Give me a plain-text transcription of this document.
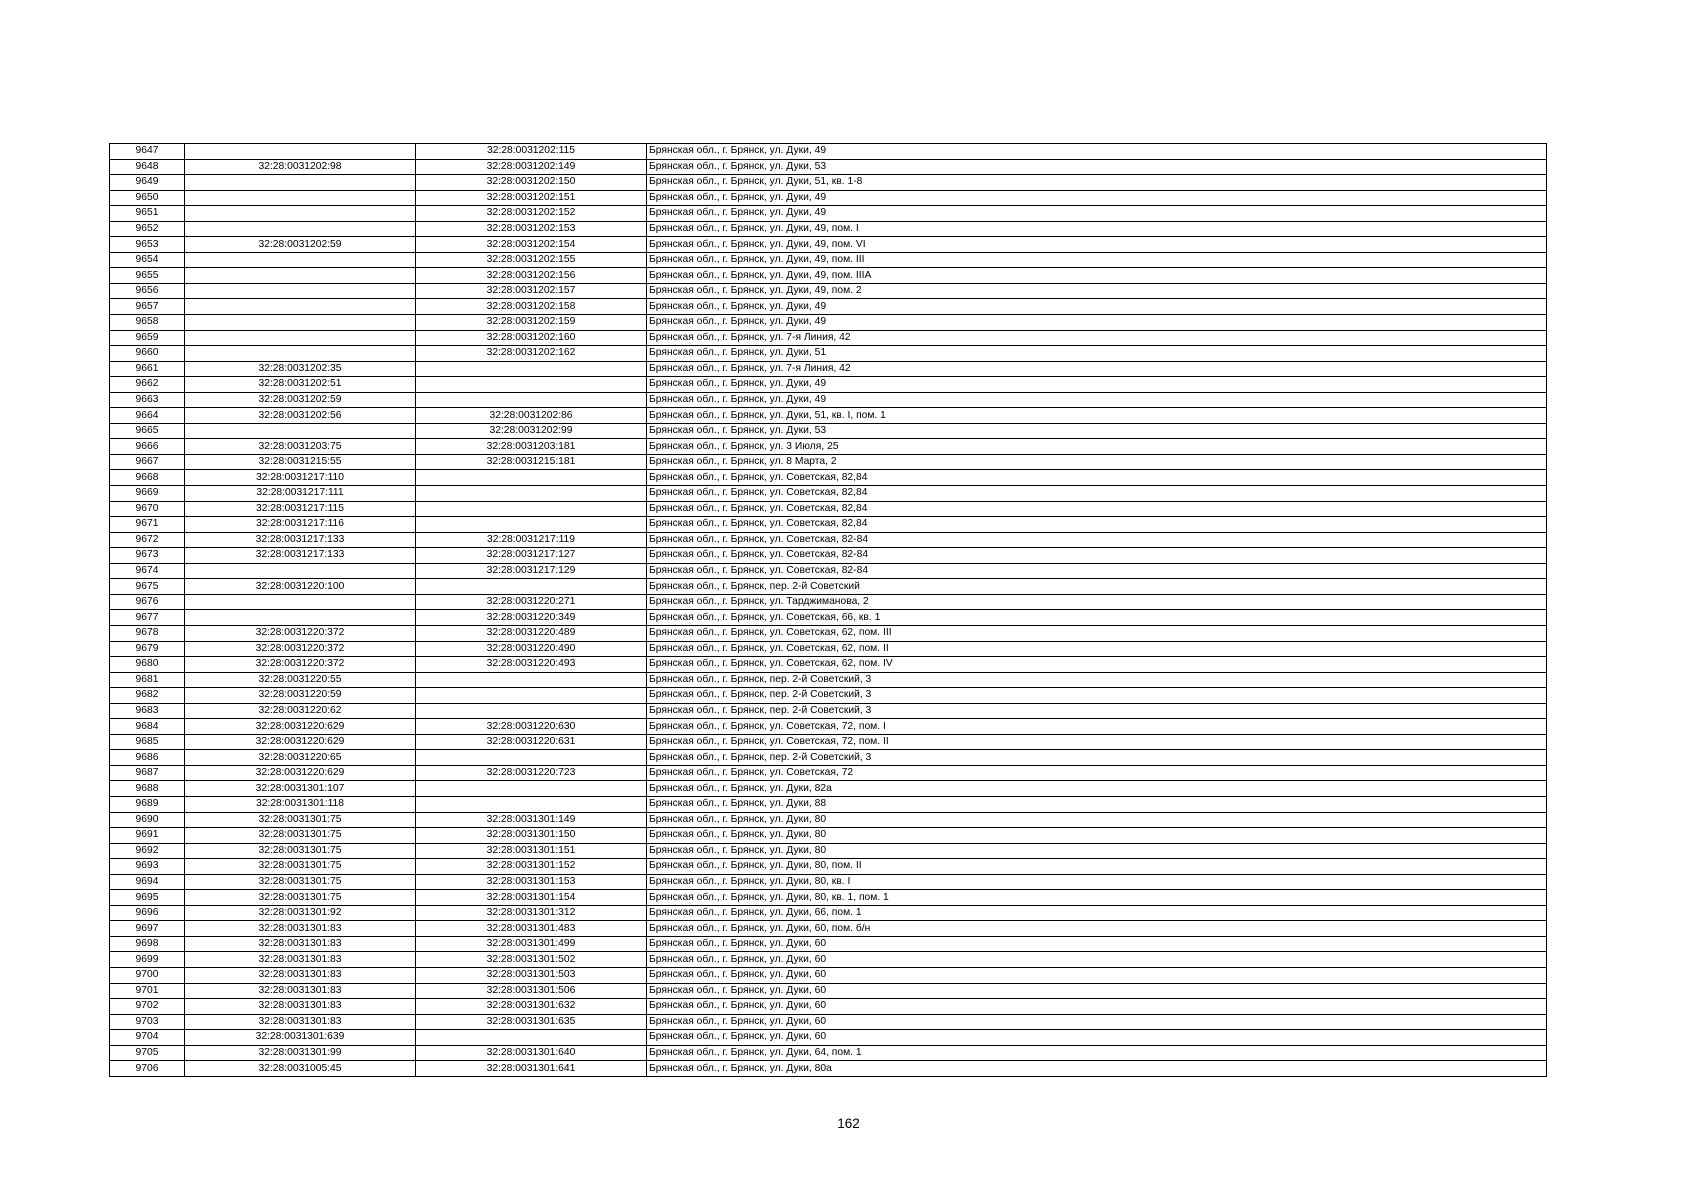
9647		32:28:0031202:115	Брянская обл., г. Брянск, ул. Дуки, 49
9648	32:28:0031202:98	32:28:0031202:149	Брянская обл., г. Брянск, ул. Дуки, 53
9649		32:28:0031202:150	Брянская обл., г. Брянск, ул. Дуки, 51, кв. 1-8
9650		32:28:0031202:151	Брянская обл., г. Брянск, ул. Дуки, 49
9651		32:28:0031202:152	Брянская обл., г. Брянск, ул. Дуки, 49
9652		32:28:0031202:153	Брянская обл., г. Брянск, ул. Дуки, 49, пом. I
9653	32:28:0031202:59	32:28:0031202:154	Брянская обл., г. Брянск, ул. Дуки, 49, пом. VI
9654		32:28:0031202:155	Брянская обл., г. Брянск, ул. Дуки, 49, пом. III
9655		32:28:0031202:156	Брянская обл., г. Брянск, ул. Дуки, 49, пом. IIIА
9656		32:28:0031202:157	Брянская обл., г. Брянск, ул. Дуки, 49, пом. 2
9657		32:28:0031202:158	Брянская обл., г. Брянск, ул. Дуки, 49
9658		32:28:0031202:159	Брянская обл., г. Брянск, ул. Дуки, 49
9659		32:28:0031202:160	Брянская обл., г. Брянск, ул. 7-я Линия, 42
9660		32:28:0031202:162	Брянская обл., г. Брянск, ул. Дуки, 51
9661	32:28:0031202:35		Брянская обл., г. Брянск, ул. 7-я Линия, 42
9662	32:28:0031202:51		Брянская обл., г. Брянск, ул. Дуки, 49
9663	32:28:0031202:59		Брянская обл., г. Брянск, ул. Дуки, 49
9664	32:28:0031202:56	32:28:0031202:86	Брянская обл., г. Брянск, ул. Дуки, 51, кв. I, пом. 1
9665		32:28:0031202:99	Брянская обл., г. Брянск, ул. Дуки, 53
9666	32:28:0031203:75	32:28:0031203:181	Брянская обл., г. Брянск, ул. 3 Июля, 25
9667	32:28:0031215:55	32:28:0031215:181	Брянская обл., г. Брянск, ул. 8 Марта, 2
9668	32:28:0031217:110		Брянская обл., г. Брянск, ул. Советская, 82,84
9669	32:28:0031217:111		Брянская обл., г. Брянск, ул. Советская, 82,84
9670	32:28:0031217:115		Брянская обл., г. Брянск, ул. Советская, 82,84
9671	32:28:0031217:116		Брянская обл., г. Брянск, ул. Советская, 82,84
9672	32:28:0031217:133	32:28:0031217:119	Брянская обл., г. Брянск, ул. Советская, 82-84
9673	32:28:0031217:133	32:28:0031217:127	Брянская обл., г. Брянск, ул. Советская, 82-84
9674		32:28:0031217:129	Брянская обл., г. Брянск, ул. Советская, 82-84
9675	32:28:0031220:100		Брянская обл., г. Брянск, пер. 2-й Советский
9676		32:28:0031220:271	Брянская обл., г. Брянск, ул. Тарджиманова, 2
9677		32:28:0031220:349	Брянская обл., г. Брянск, ул. Советская, 66, кв. 1
9678	32:28:0031220:372	32:28:0031220:489	Брянская обл., г. Брянск, ул. Советская, 62, пом. III
9679	32:28:0031220:372	32:28:0031220:490	Брянская обл., г. Брянск, ул. Советская, 62, пом. II
9680	32:28:0031220:372	32:28:0031220:493	Брянская обл., г. Брянск, ул. Советская, 62, пом. IV
9681	32:28:0031220:55		Брянская обл., г. Брянск, пер. 2-й Советский, 3
9682	32:28:0031220:59		Брянская обл., г. Брянск, пер. 2-й Советский, 3
9683	32:28:0031220:62		Брянская обл., г. Брянск, пер. 2-й Советский, 3
9684	32:28:0031220:629	32:28:0031220:630	Брянская обл., г. Брянск, ул. Советская, 72, пом. I
9685	32:28:0031220:629	32:28:0031220:631	Брянская обл., г. Брянск, ул. Советская, 72, пом. II
9686	32:28:0031220:65		Брянская обл., г. Брянск, пер. 2-й Советский, 3
9687	32:28:0031220:629	32:28:0031220:723	Брянская обл., г. Брянск, ул. Советская, 72
9688	32:28:0031301:107		Брянская обл., г. Брянск, ул. Дуки, 82а
9689	32:28:0031301:118		Брянская обл., г. Брянск, ул. Дуки, 88
9690	32:28:0031301:75	32:28:0031301:149	Брянская обл., г. Брянск, ул. Дуки, 80
9691	32:28:0031301:75	32:28:0031301:150	Брянская обл., г. Брянск, ул. Дуки, 80
9692	32:28:0031301:75	32:28:0031301:151	Брянская обл., г. Брянск, ул. Дуки, 80
9693	32:28:0031301:75	32:28:0031301:152	Брянская обл., г. Брянск, ул. Дуки, 80, пом. II
9694	32:28:0031301:75	32:28:0031301:153	Брянская обл., г. Брянск, ул. Дуки, 80, кв. I
9695	32:28:0031301:75	32:28:0031301:154	Брянская обл., г. Брянск, ул. Дуки, 80, кв. 1, пом. 1
9696	32:28:0031301:92	32:28:0031301:312	Брянская обл., г. Брянск, ул. Дуки, 66, пом. 1
9697	32:28:0031301:83	32:28:0031301:483	Брянская обл., г. Брянск, ул. Дуки, 60, пом. б/н
9698	32:28:0031301:83	32:28:0031301:499	Брянская обл., г. Брянск, ул. Дуки, 60
9699	32:28:0031301:83	32:28:0031301:502	Брянская обл., г. Брянск, ул. Дуки, 60
9700	32:28:0031301:83	32:28:0031301:503	Брянская обл., г. Брянск, ул. Дуки, 60
9701	32:28:0031301:83	32:28:0031301:506	Брянская обл., г. Брянск, ул. Дуки, 60
9702	32:28:0031301:83	32:28:0031301:632	Брянская обл., г. Брянск, ул. Дуки, 60
9703	32:28:0031301:83	32:28:0031301:635	Брянская обл., г. Брянск, ул. Дуки, 60
9704	32:28:0031301:639		Брянская обл., г. Брянск, ул. Дуки, 60
9705	32:28:0031301:99	32:28:0031301:640	Брянская обл., г. Брянск, ул. Дуки, 64, пом. 1
9706	32:28:0031005:45	32:28:0031301:641	Брянская обл., г. Брянск, ул. Дуки, 80а
162
